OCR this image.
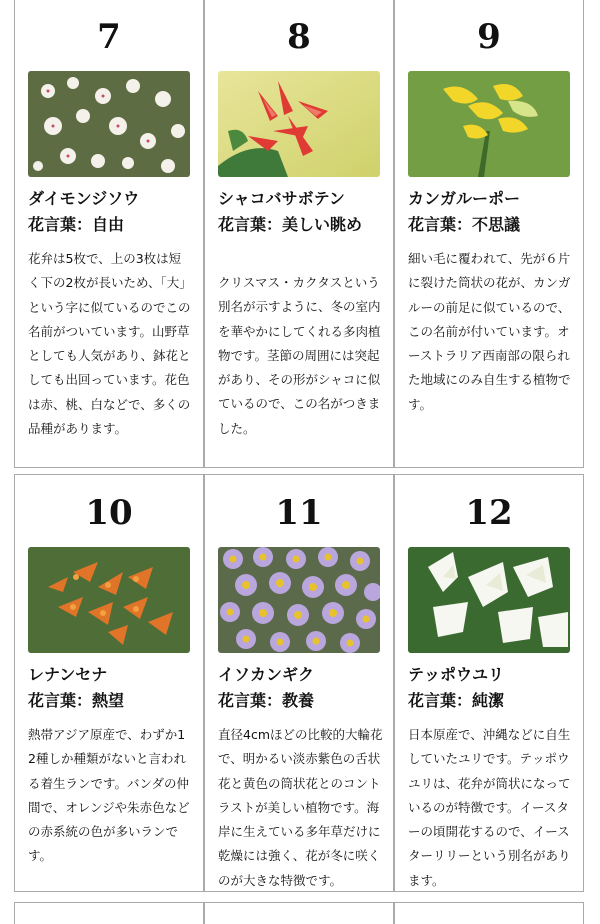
7
ダイモンジソウ
花言葉：自由
花弁は5枚で、上の3枚は短く下の2枚が長いため、「大」という字に似ているのでこの名前がついています。山野草としても人気があり、鉢花としても出回っています。花色は赤、桃、白などで、多くの品種があります。
8
シャコバサボテン
花言葉：美しい眺め
クリスマス・カクタスという別名が示すように、冬の室内を華やかにしてくれる多肉植物です。茎節の周囲には突起があり、その形がシャコに似ているので、この名がつきました。
9
カンガルーポー
花言葉：不思議
細い毛に覆われて、先が６片に裂けた筒状の花が、カンガルーの前足に似ているので、この名前が付いています。オーストラリア西南部の限られた地域にのみ自生する植物です。
10
レナンセナ
花言葉：熱望
熱帯アジア原産で、わずか12種しか種類がないと言われる着生ランです。バンダの仲間で、オレンジや朱赤色などの赤系統の色が多いランです。
11
イソカンギク
花言葉：教養
直径4cmほどの比較的大輪花で、明かるい淡赤紫色の舌状花と黄色の筒状花とのコントラストが美しい植物です。海岸に生えている多年草だけに乾燥には強く、花が冬に咲くのが大きな特徴です。
12
テッポウユリ
花言葉：純潔
日本原産で、沖縄などに自生していたユリです。テッポウユリは、花弁が筒状になっているのが特徴です。イースターの頃開花するので、イースターリリーという別名があります。
